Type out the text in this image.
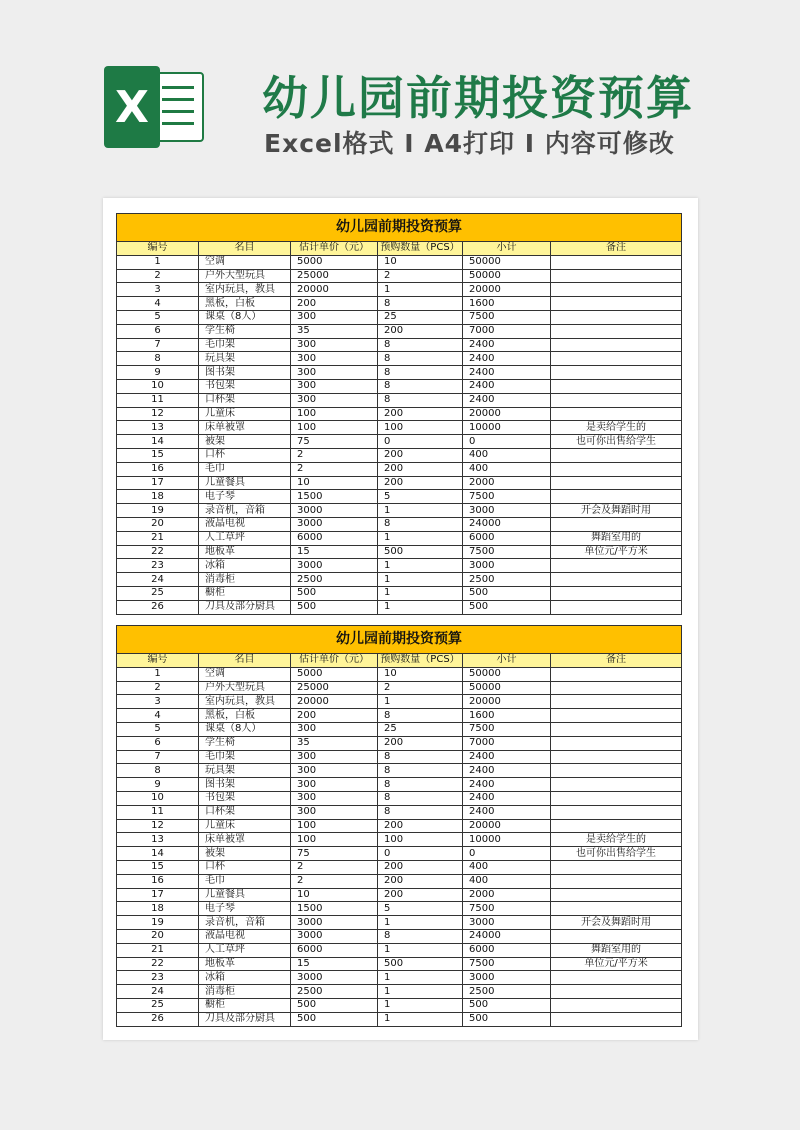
X 幼儿园前期投资预算
Excel格式 I A4打印 I 内容可修改
幼儿园前期投资预算					
编号	名目	估计单价（元）	预购数量（PCS）	小计	备注
1	空调	5000	10	50000	
2	户外大型玩具	25000	2	50000	
3	室内玩具，教具	20000	1	20000	
4	黑板，白板	200	8	1600	
5	课桌（8人）	300	25	7500	
6	学生椅	35	200	7000	
7	毛巾架	300	8	2400	
8	玩具架	300	8	2400	
9	图书架	300	8	2400	
10	书包架	300	8	2400	
11	口杯架	300	8	2400	
12	儿童床	100	200	20000	
13	床单被罩	100	100	10000	是卖给学生的
14	被架	75	0	0	也可你出售给学生
15	口杯	2	200	400	
16	毛巾	2	200	400	
17	儿童餐具	10	200	2000	
18	电子琴	1500	5	7500	
19	录音机，音箱	3000	1	3000	开会及舞蹈时用
20	液晶电视	3000	8	24000	
21	人工草坪	6000	1	6000	舞蹈室用的
22	地板革	15	500	7500	单位元/平方米
23	冰箱	3000	1	3000	
24	消毒柜	2500	1	2500	
25	橱柜	500	1	500	
26	刀具及部分厨具	500	1	500	
幼儿园前期投资预算					
编号	名目	估计单价（元）	预购数量（PCS）	小计	备注
1	空调	5000	10	50000	
2	户外大型玩具	25000	2	50000	
3	室内玩具，教具	20000	1	20000	
4	黑板，白板	200	8	1600	
5	课桌（8人）	300	25	7500	
6	学生椅	35	200	7000	
7	毛巾架	300	8	2400	
8	玩具架	300	8	2400	
9	图书架	300	8	2400	
10	书包架	300	8	2400	
11	口杯架	300	8	2400	
12	儿童床	100	200	20000	
13	床单被罩	100	100	10000	是卖给学生的
14	被架	75	0	0	也可你出售给学生
15	口杯	2	200	400	
16	毛巾	2	200	400	
17	儿童餐具	10	200	2000	
18	电子琴	1500	5	7500	
19	录音机，音箱	3000	1	3000	开会及舞蹈时用
20	液晶电视	3000	8	24000	
21	人工草坪	6000	1	6000	舞蹈室用的
22	地板革	15	500	7500	单位元/平方米
23	冰箱	3000	1	3000	
24	消毒柜	2500	1	2500	
25	橱柜	500	1	500	
26	刀具及部分厨具	500	1	500	
